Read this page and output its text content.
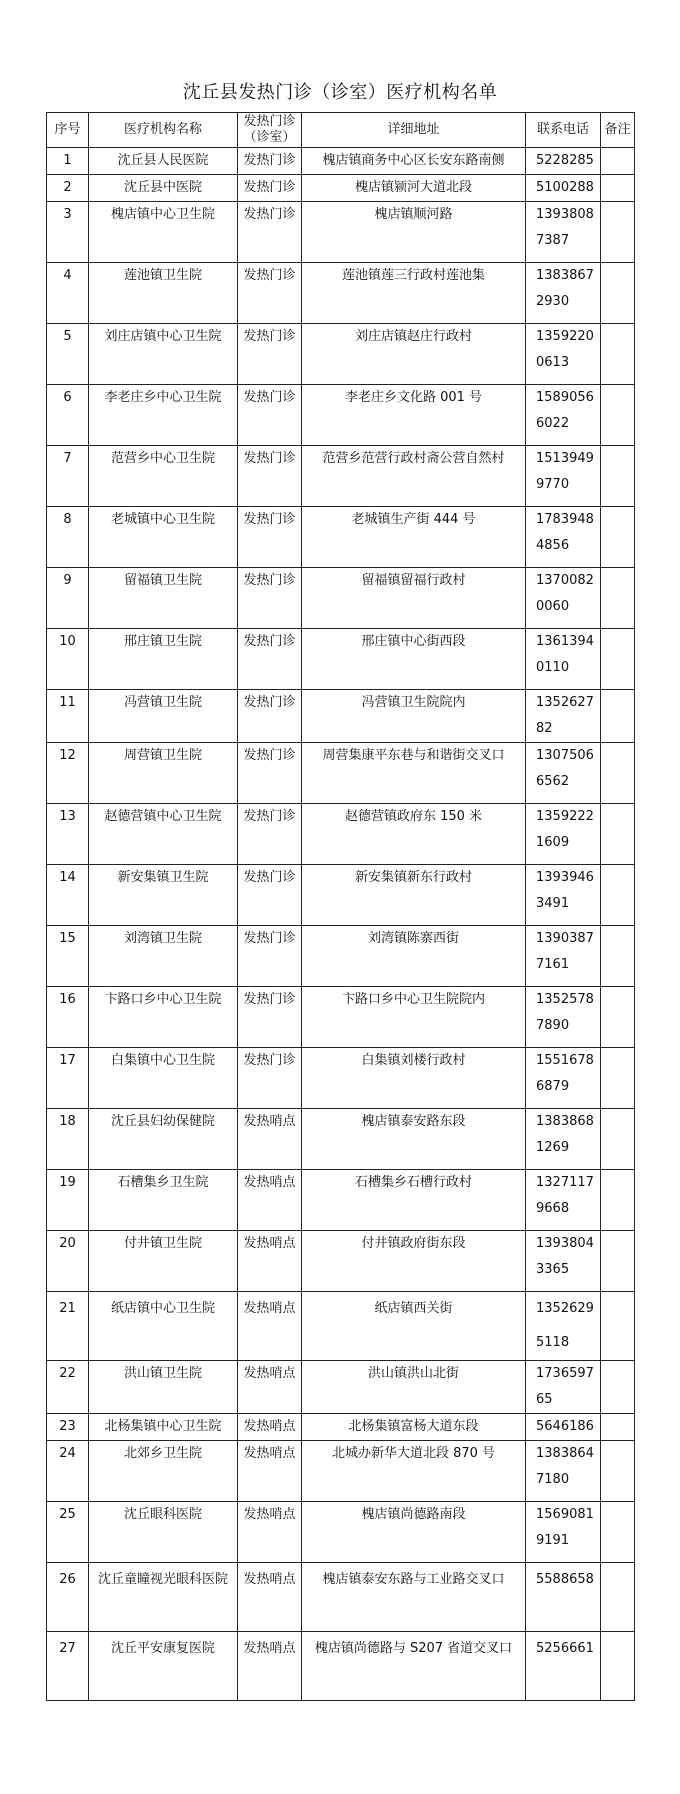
沈丘县发热门诊（诊室）医疗机构名单
序号	医疗机构名称	发热门诊（诊室）	详细地址	联系电话	备注
1	沈丘县人民医院	发热门诊	槐店镇商务中心区长安东路南侧	5228285	
2	沈丘县中医院	发热门诊	槐店镇颍河大道北段	5100288	
3	槐店镇中心卫生院	发热门诊	槐店镇顺河路	13938087387	
4	莲池镇卫生院	发热门诊	莲池镇莲三行政村莲池集	13838672930	
5	刘庄店镇中心卫生院	发热门诊	刘庄店镇赵庄行政村	13592200613	
6	李老庄乡中心卫生院	发热门诊	李老庄乡文化路 001 号	15890566022	
7	范营乡中心卫生院	发热门诊	范营乡范营行政村斋公营自然村	15139499770	
8	老城镇中心卫生院	发热门诊	老城镇生产街 444 号	17839484856	
9	留福镇卫生院	发热门诊	留福镇留福行政村	13700820060	
10	邢庄镇卫生院	发热门诊	邢庄镇中心街西段	13613940110	
11	冯营镇卫生院	发热门诊	冯营镇卫生院院内	135262782	
12	周营镇卫生院	发热门诊	周营集康平东巷与和谐街交叉口	13075066562	
13	赵德营镇中心卫生院	发热门诊	赵德营镇政府东 150 米	13592221609	
14	新安集镇卫生院	发热门诊	新安集镇新东行政村	13939463491	
15	刘湾镇卫生院	发热门诊	刘湾镇陈寨西街	13903877161	
16	卞路口乡中心卫生院	发热门诊	卞路口乡中心卫生院院内	13525787890	
17	白集镇中心卫生院	发热门诊	白集镇刘楼行政村	15516786879	
18	沈丘县妇幼保健院	发热哨点	槐店镇泰安路东段	13838681269	
19	石槽集乡卫生院	发热哨点	石槽集乡石槽行政村	13271179668	
20	付井镇卫生院	发热哨点	付井镇政府街东段	13938043365	
21	纸店镇中心卫生院	发热哨点	纸店镇西关街	13526295118	
22	洪山镇卫生院	发热哨点	洪山镇洪山北街	173659765	
23	北杨集镇中心卫生院	发热哨点	北杨集镇富杨大道东段	5646186	
24	北郊乡卫生院	发热哨点	北城办新华大道北段 870 号	13838647180	
25	沈丘眼科医院	发热哨点	槐店镇尚德路南段	15690819191	
26	沈丘童瞳视光眼科医院	发热哨点	槐店镇泰安东路与工业路交叉口	5588658	
27	沈丘平安康复医院	发热哨点	槐店镇尚德路与 S207 省道交叉口	5256661	
